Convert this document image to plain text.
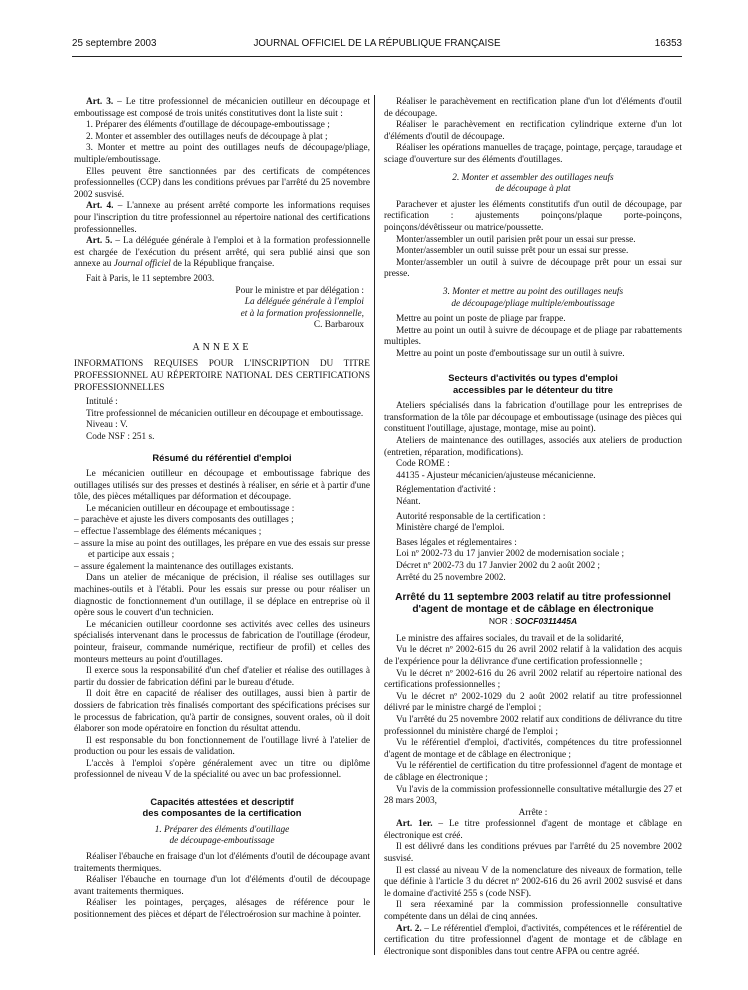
25 septembre 2003	JOURNAL OFFICIEL DE LA RÉPUBLIQUE FRANÇAISE	16353

Art. 3. – Le titre professionnel de mécanicien outilleur en découpage et emboutissage est composé de trois unités constitutives dont la liste suit :

1. Préparer des éléments d'outillage de découpage-emboutissage ;

2. Monter et assembler des outillages neufs de découpage à plat ;

3. Monter et mettre au point des outillages neufs de découpage/pliage, multiple/emboutissage.

Elles peuvent être sanctionnées par des certificats de compétences professionnelles (CCP) dans les conditions prévues par l'arrêté du 25 novembre 2002 susvisé.

Art. 4. – L'annexe au présent arrêté comporte les informations requises pour l'inscription du titre professionnel au répertoire national des certifications professionnelles.

Art. 5. – La déléguée générale à l'emploi et à la formation professionnelle est chargée de l'exécution du présent arrêté, qui sera publié ainsi que son annexe au Journal officiel de la République française.

Fait à Paris, le 11 septembre 2003.

Pour le ministre et par délégation :
La déléguée générale à l'emploi
et à la formation professionnelle,
C. Barbaroux
ANNEXE

INFORMATIONS REQUISES POUR L'INSCRIPTION DU TITRE PROFESSIONNEL AU RÉPERTOIRE NATIONAL DES CERTIFICATIONS PROFESSIONNELLES

Intitulé :

Titre professionnel de mécanicien outilleur en découpage et emboutissage.

Niveau : V.

Code NSF : 251 s.

Résumé du référentiel d'emploi

Le mécanicien outilleur en découpage et emboutissage fabrique des outillages utilisés sur des presses et destinés à réaliser, en série et à partir d'une tôle, des pièces métalliques par déformation et découpage.

Le mécanicien outilleur en découpage et emboutissage :

– parachève et ajuste les divers composants des outillages ;

– effectue l'assemblage des éléments mécaniques ;

– assure la mise au point des outillages, les prépare en vue des essais sur presse et participe aux essais ;

– assure également la maintenance des outillages existants.

Dans un atelier de mécanique de précision, il réalise ses outillages sur machines-outils et à l'établi. Pour les essais sur presse ou pour réaliser un diagnostic de fonctionnement d'un outillage, il se déplace en entreprise où il opère sous le couvert d'un technicien.

Le mécanicien outilleur coordonne ses activités avec celles des usineurs spécialisés intervenant dans le processus de fabrication de l'outillage (érodeur, pointeur, fraiseur, commande numérique, rectifieur de profil) et celles des monteurs metteurs au point d'outillages.

Il exerce sous la responsabilité d'un chef d'atelier et réalise des outillages à partir du dossier de fabrication défini par le bureau d'étude.

Il doit être en capacité de réaliser des outillages, aussi bien à partir de dossiers de fabrication très finalisés comportant des spécifications précises sur le processus de fabrication, qu'à partir de consignes, souvent orales, où il doit élaborer son mode opératoire en fonction du résultat attendu.

Il est responsable du bon fonctionnement de l'outillage livré à l'atelier de production ou pour les essais de validation.

L'accès à l'emploi s'opère généralement avec un titre ou diplôme professionnel de niveau V de la spécialité ou avec un bac professionnel.

Capacités attestées et descriptif
des composantes de la certification
1. Préparer des éléments d'outillage
de découpage-emboutissage

Réaliser l'ébauche en fraisage d'un lot d'éléments d'outil de découpage avant traitements thermiques.

Réaliser l'ébauche en tournage d'un lot d'éléments d'outil de découpage avant traitements thermiques.

Réaliser les pointages, perçages, alésages de référence pour le positionnement des pièces et départ de l'électroérosion sur machine à pointer.

Réaliser le parachèvement en rectification plane d'un lot d'éléments d'outil de découpage.

Réaliser le parachèvement en rectification cylindrique externe d'un lot d'éléments d'outil de découpage.

Réaliser les opérations manuelles de traçage, pointage, perçage, taraudage et sciage d'ouverture sur des éléments d'outillages.

2. Monter et assembler des outillages neufs
de découpage à plat

Parachever et ajuster les éléments constitutifs d'un outil de découpage, par rectification : ajustements poinçons/plaque porte-poinçons, poinçons/dévêtisseur ou matrice/poussette.

Monter/assembler un outil parisien prêt pour un essai sur presse.

Monter/assembler un outil suisse prêt pour un essai sur presse.

Monter/assembler un outil à suivre de découpage prêt pour un essai sur presse.

3. Monter et mettre au point des outillages neufs
de découpage/pliage multiple/emboutissage

Mettre au point un poste de pliage par frappe.

Mettre au point un outil à suivre de découpage et de pliage par rabattements multiples.

Mettre au point un poste d'emboutissage sur un outil à suivre.

Secteurs d'activités ou types d'emploi
accessibles par le détenteur du titre

Ateliers spécialisés dans la fabrication d'outillage pour les entreprises de transformation de la tôle par découpage et emboutissage (usinage des pièces qui constituent l'outillage, ajustage, montage, mise au point).

Ateliers de maintenance des outillages, associés aux ateliers de production (entretien, réparation, modifications).

Code ROME :

44135 - Ajusteur mécanicien/ajusteuse mécanicienne.

Réglementation d'activité :

Néant.

Autorité responsable de la certification :

Ministère chargé de l'emploi.

Bases légales et réglementaires :

Loi nº 2002-73 du 17 janvier 2002 de modernisation sociale ;

Décret nº 2002-73 du 17 Janvier 2002 du 2 août 2002 ;

Arrêté du 25 novembre 2002.

Arrêté du 11 septembre 2003 relatif au titre professionnel d'agent de montage et de câblage en électronique
NOR : SOCF0311445A

Le ministre des affaires sociales, du travail et de la solidarité,

Vu le décret nº 2002-615 du 26 avril 2002 relatif à la validation des acquis de l'expérience pour la délivrance d'une certification professionnelle ;

Vu le décret nº 2002-616 du 26 avril 2002 relatif au répertoire national des certifications professionnelles ;

Vu le décret nº 2002-1029 du 2 août 2002 relatif au titre professionnel délivré par le ministre chargé de l'emploi ;

Vu l'arrêté du 25 novembre 2002 relatif aux conditions de délivrance du titre professionnel du ministère chargé de l'emploi ;

Vu le référentiel d'emploi, d'activités, compétences du titre professionnel d'agent de montage et de câblage en électronique ;

Vu le référentiel de certification du titre professionnel d'agent de montage et de câblage en électronique ;

Vu l'avis de la commission professionnelle consultative métallurgie des 27 et 28 mars 2003,

Arrête :

Art. 1er. – Le titre professionnel d'agent de montage et câblage en électronique est créé.

Il est délivré dans les conditions prévues par l'arrêté du 25 novembre 2002 susvisé.

Il est classé au niveau V de la nomenclature des niveaux de formation, telle que définie à l'article 3 du décret nº 2002-616 du 26 avril 2002 susvisé et dans le domaine d'activité 255 s (code NSF).

Il sera réexaminé par la commission professionnelle consultative compétente dans un délai de cinq années.

Art. 2. – Le référentiel d'emploi, d'activités, compétences et le référentiel de certification du titre professionnel d'agent de montage et de câblage en électronique sont disponibles dans tout centre AFPA ou centre agréé.
